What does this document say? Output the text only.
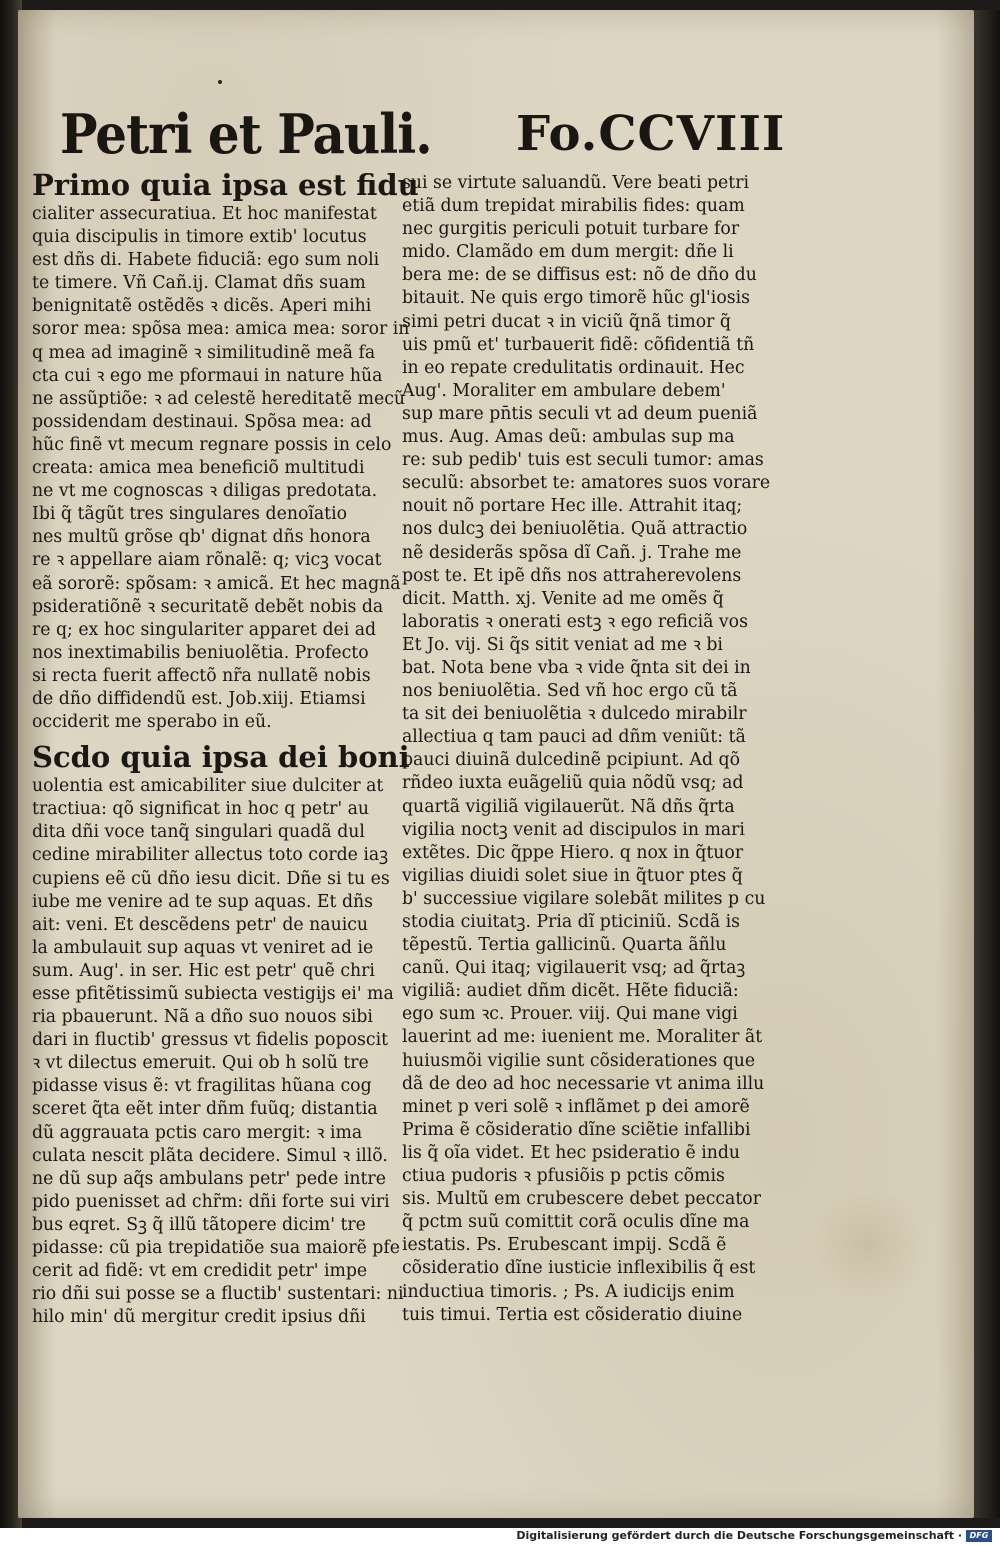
Petri et Pauli. Fo.CCVIII
Primo quia ipsa est fidu
cialiter assecuratiua. Et hoc manifestat
quia discipulis in timore extib' locutus
est dñs di. Habete fiduciã: ego sum noli
te timere. Vñ Cañ.ij. Clamat dñs suam
benignitatẽ ostẽdẽs ꝛ dicẽs. Aperi mihi
soror mea: spõsa mea: amica mea: soror in
q mea ad imaginẽ ꝛ similitudinẽ meã fa
cta cui ꝛ ego me pformaui in nature hũa
ne assũptiõe: ꝛ ad celestẽ hereditatẽ mecũ
possidendam destinaui. Spõsa mea: ad
hũc finẽ vt mecum regnare possis in celo
creata: amica mea beneficiõ multitudi
ne vt me cognoscas ꝛ diligas predotata.
Ibi q̃ tãgũt tres singulares denoĩatio
nes multũ grõse qb' dignat dñs honora
re ꝛ appellare aiam rõnalẽ: q; vicꝫ vocat
eã sororẽ: spõsam: ꝛ amicã. Et hec magnã
psideratiõnẽ ꝛ securitatẽ debẽt nobis da
re q; ex hoc singulariter apparet dei ad
nos inextimabilis beniuolẽtia. Profecto
si recta fuerit affectõ nr̃a nullatẽ nobis
de dño diffidendũ est. Job.xiij. Etiamsi
occiderit me sperabo in eũ.
Scdo quia ipsa dei boni
uolentia est amicabiliter siue dulciter at
tractiua: qõ significat in hoc q petr' au
dita dñi voce tanq̃ singulari quadã dul
cedine mirabiliter allectus toto corde iaꝫ
cupiens eẽ cũ dño iesu dicit. Dñe si tu es
iube me venire ad te sup aquas. Et dñs
ait: veni. Et descẽdens petr' de nauicu
la ambulauit sup aquas vt veniret ad ie
sum. Aug'. in ser. Hic est petr' quẽ chri
esse pfitẽtissimũ subiecta vestigijs ei' ma
ria pbauerunt. Nã a dño suo nouos sibi
dari in fluctib' gressus vt fidelis poposcit
ꝛ vt dilectus emeruit. Qui ob h solũ tre
pidasse visus ẽ: vt fragilitas hũana cog
sceret q̃ta eẽt inter dñm fuũq; distantia
dũ aggrauata pctis caro mergit: ꝛ ima
culata nescit plãta decidere. Simul ꝛ illõ.
ne dũ sup aq̃s ambulans petr' pede intre
pido puenisset ad chr̃m: dñi forte sui viri
bus eqret. Sꝫ q̃ illũ tãtopere dicim' tre
pidasse: cũ pia trepidatiõe sua maiorẽ pfe
cerit ad fidẽ: vt em credidit petr' impe
rio dñi sui posse se a fluctib' sustentari: ni
hilo min' dũ mergitur credit ipsius dñi
sui se virtute saluandũ. Vere beati petri
etiã dum trepidat mirabilis fides: quam
nec gurgitis periculi potuit turbare for
mido. Clamãdo em dum mergit: dñe li
bera me: de se diffisus est: nõ de dño du
bitauit. Ne quis ergo timorẽ hũc gl'iosis
simi petri ducat ꝛ in viciũ q̃nã timor q̃
uis pmũ et' turbauerit fidẽ: cõfidentiã tñ
in eo repate credulitatis ordinauit. Hec
Aug'. Moraliter em ambulare debem'
sup mare pn̄tis seculi vt ad deum pueniã
mus. Aug. Amas deũ: ambulas sup ma
re: sub pedib' tuis est seculi tumor: amas
seculũ: absorbet te: amatores suos vorare
nouit nõ portare Hec ille. Attrahit itaq;
nos dulcꝫ dei beniuolẽtia. Quã attractio
nẽ desiderãs spõsa dĩ Cañ. j. Trahe me
post te. Et ipẽ dñs nos attraherevolens
dicit. Matth. xj. Venite ad me omẽs q̃
laboratis ꝛ onerati estꝫ ꝛ ego reficiã vos
Et Jo. vij. Si q̃s sitit veniat ad me ꝛ bi
bat. Nota bene vba ꝛ vide q̃nta sit dei in
nos beniuolẽtia. Sed vñ hoc ergo cũ tã
ta sit dei beniuolẽtia ꝛ dulcedo mirabilr
allectiua q tam pauci ad dñm veniũt: tã
pauci diuinã dulcedinẽ pcipiunt. Ad qõ
rñdeo iuxta euãgeliũ quia nõdũ vsq; ad
quartã vigiliã vigilauerũt. Nã dñs q̃rta
vigilia noctꝫ venit ad discipulos in mari
extẽtes. Dic q̃ppe Hiero. q nox in q̃tuor
vigilias diuidi solet siue in q̃tuor ptes q̃
b' successiue vigilare solebãt milites p cu
stodia ciuitatꝫ. Pria dĩ pticiniũ. Scdã is
tẽpestũ. Tertia gallicinũ. Quarta ãñlu
canũ. Qui itaq; vigilauerit vsq; ad q̃rtaꝫ
vigiliã: audiet dñm dicẽt. Hẽte fiduciã:
ego sum ꝛc. Prouer. viij. Qui mane vigi
lauerint ad me: iuenient me. Moraliter ãt
huiusmõi vigilie sunt cõsiderationes que
dã de deo ad hoc necessarie vt anima illu
minet p veri solẽ ꝛ inflãmet p dei amorẽ
Prima ẽ cõsideratio dĩne sciẽtie infallibi
lis q̃ oĩa videt. Et hec psideratio ẽ indu
ctiua pudoris ꝛ pfusiõis p pctis cõmis
sis. Multũ em crubescere debet peccator
q̃ pctm suũ comittit corã oculis dĩne ma
iestatis. Ps. Erubescant impij. Scdã ẽ
cõsideratio dĩne iusticie inflexibilis q̃ est
inductiua timoris. ; Ps. A iudicijs enim
tuis timui. Tertia est cõsideratio diuine
Digitalisierung gefördert durch die Deutsche Forschungsgemeinschaft · DFG
